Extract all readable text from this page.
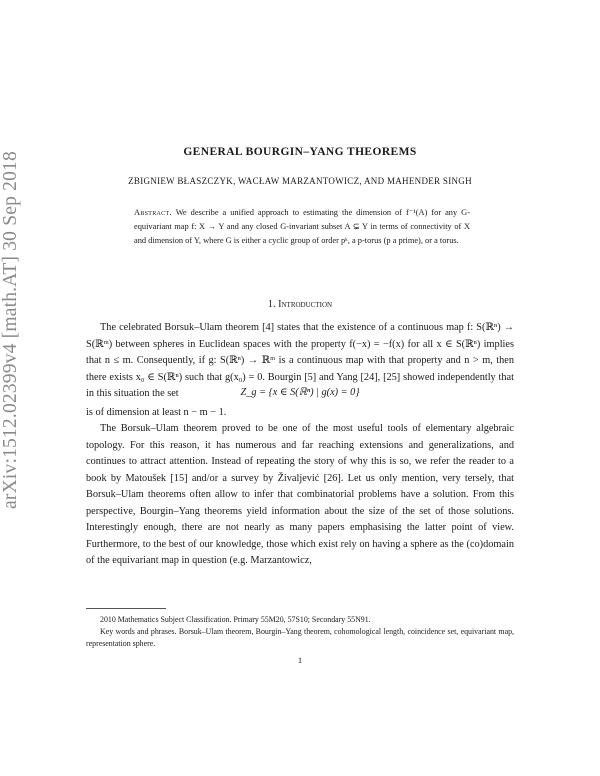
arXiv:1512.02399v4 [math.AT] 30 Sep 2018	GENERAL BOURGIN–YANG THEOREMS
ZBIGNIEW BŁASZCZYK, WACŁAW MARZANTOWICZ, AND MAHENDER SINGH
Abstract. We describe a unified approach to estimating the dimension of f⁻¹(A) for any G-equivariant map f: X → Y and any closed G-invariant subset A ⊊ Y in terms of connectivity of X and dimension of Y, where G is either a cyclic group of order pᵏ, a p-torus (p a prime), or a torus.
1. Introduction
The celebrated Borsuk–Ulam theorem [4] states that the existence of a continuous map f: S(ℝⁿ) → S(ℝᵐ) between spheres in Euclidean spaces with the property f(−x) = −f(x) for all x ∈ S(ℝⁿ) implies that n ≤ m. Consequently, if g: S(ℝⁿ) → ℝᵐ is a continuous map with that property and n > m, then there exists x₀ ∈ S(ℝⁿ) such that g(x₀) = 0. Bourgin [5] and Yang [24], [25] showed independently that in this situation the set	Z_g = {x ∈ S(ℝⁿ) | g(x) = 0}
is of dimension at least n − m − 1.
The Borsuk–Ulam theorem proved to be one of the most useful tools of elementary algebraic topology. For this reason, it has numerous and far reaching extensions and generalizations, and continues to attract attention. Instead of repeating the story of why this is so, we refer the reader to a book by Matoušek [15] and/or a survey by Živaljević [26]. Let us only mention, very tersely, that Borsuk–Ulam theorems often allow to infer that combinatorial problems have a solution. From this perspective, Bourgin–Yang theorems yield information about the size of the set of those solutions. Interestingly enough, there are not nearly as many papers emphasising the latter point of view. Furthermore, to the best of our knowledge, those which exist rely on having a sphere as the (co)domain of the equivariant map in question (e.g. Marzantowicz,
2010 Mathematics Subject Classification. Primary 55M20, 57S10; Secondary 55N91.
Key words and phrases. Borsuk–Ulam theorem, Bourgin–Yang theorem, cohomological length, coincidence set, equivariant map, representation sphere.
1
